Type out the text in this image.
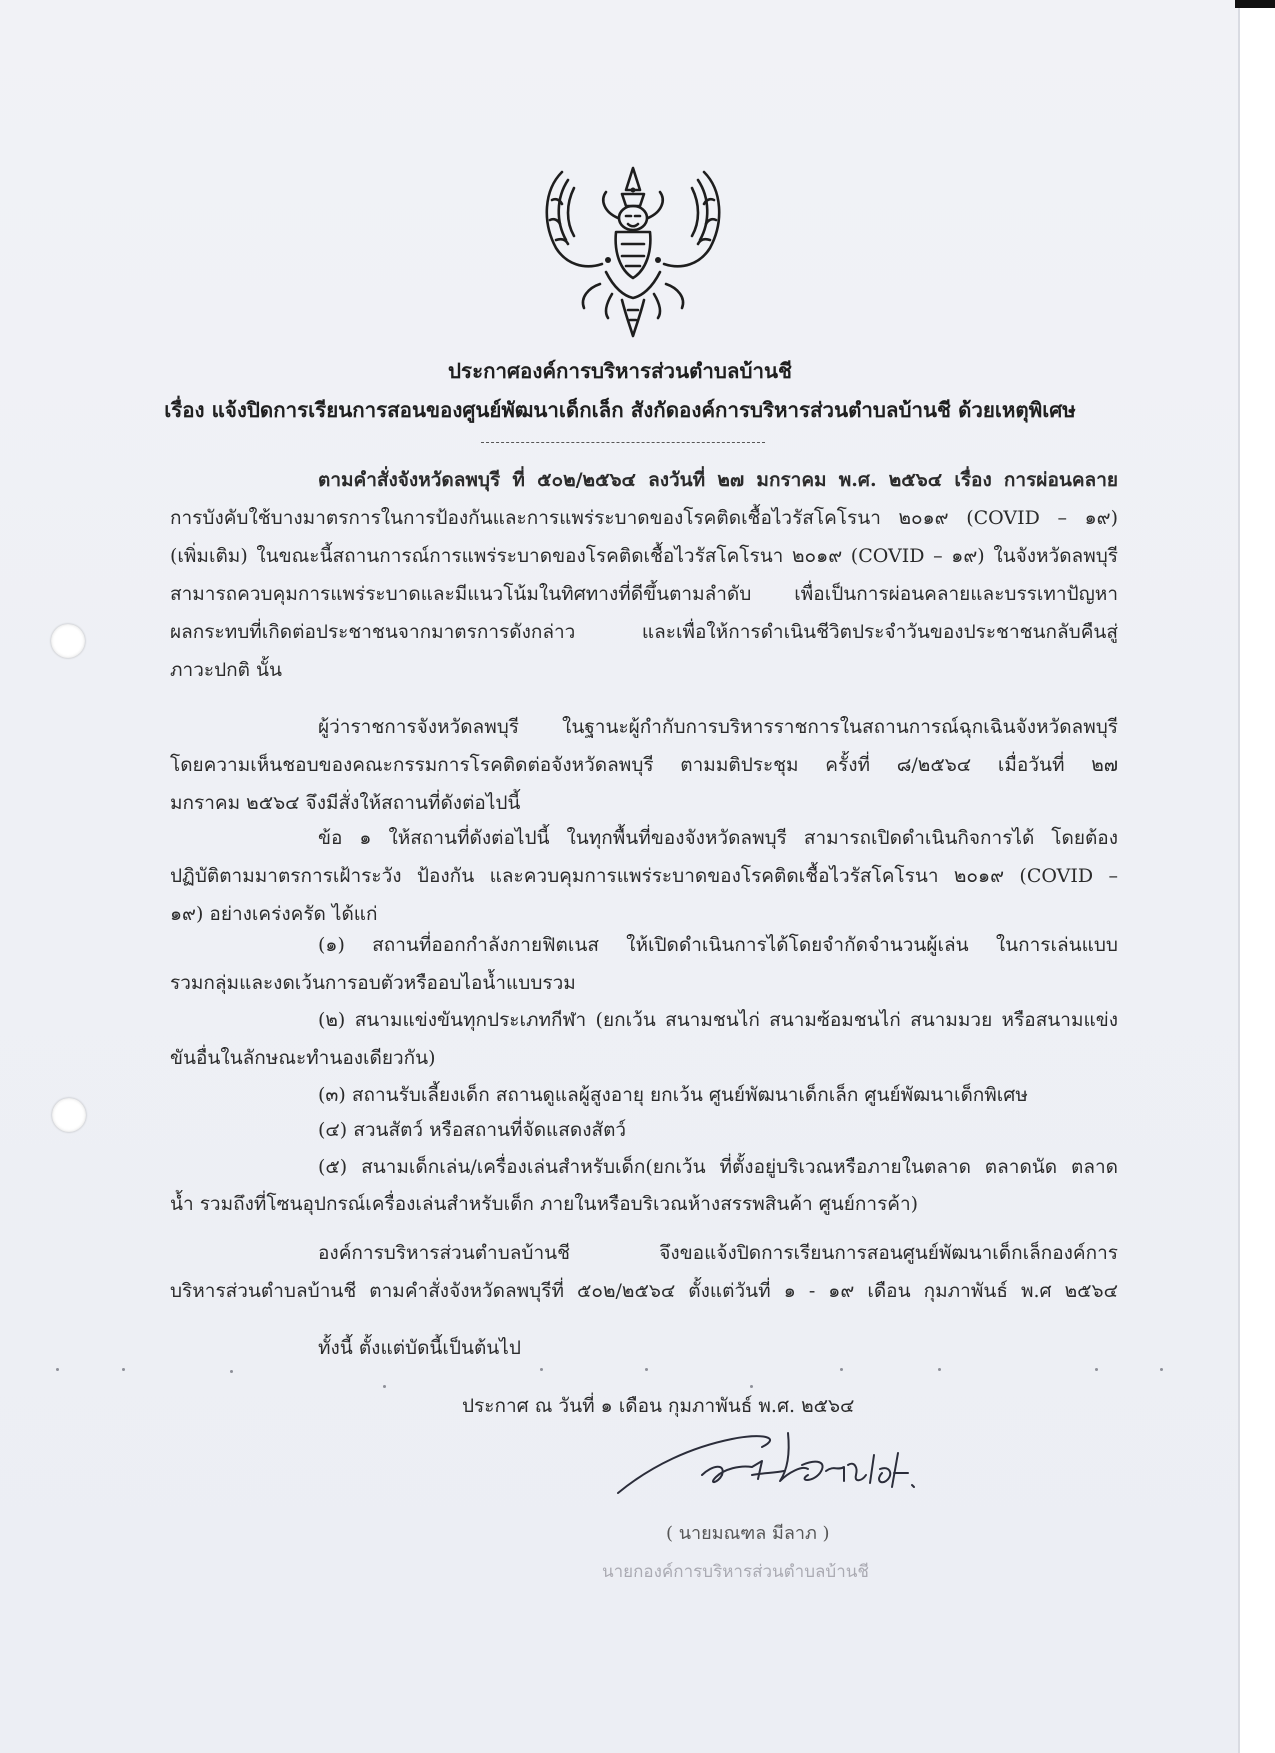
ประกาศองค์การบริหารส่วนตำบลบ้านชี
เรื่อง แจ้งปิดการเรียนการสอนของศูนย์พัฒนาเด็กเล็ก สังกัดองค์การบริหารส่วนตำบลบ้านชี ด้วยเหตุพิเศษ
ตามคำสั่งจังหวัดลพบุรี ที่ ๕๐๒/๒๕๖๔ ลงวันที่ ๒๗ มกราคม พ.ศ. ๒๕๖๔ เรื่อง การผ่อนคลาย
การบังคับใช้บางมาตรการในการป้องกันและการแพร่ระบาดของโรคติดเชื้อไวรัสโคโรนา ๒๐๑๙ (COVID – ๑๙)
(เพิ่มเติม) ในขณะนี้สถานการณ์การแพร่ระบาดของโรคติดเชื้อไวรัสโคโรนา ๒๐๑๙ (COVID – ๑๙) ในจังหวัดลพบุรี
สามารถควบคุมการแพร่ระบาดและมีแนวโน้มในทิศทางที่ดีขึ้นตามลำดับ เพื่อเป็นการผ่อนคลายและบรรเทาปัญหา
ผลกระทบที่เกิดต่อประชาชนจากมาตรการดังกล่าว และเพื่อให้การดำเนินชีวิตประจำวันของประชาชนกลับคืนสู่
ภาวะปกติ นั้น
ผู้ว่าราชการจังหวัดลพบุรี ในฐานะผู้กำกับการบริหารราชการในสถานการณ์ฉุกเฉินจังหวัดลพบุรี
โดยความเห็นชอบของคณะกรรมการโรคติดต่อจังหวัดลพบุรี ตามมติประชุม ครั้งที่ ๘/๒๕๖๔ เมื่อวันที่ ๒๗
มกราคม ๒๕๖๔ จึงมีสั่งให้สถานที่ดังต่อไปนี้
ข้อ ๑ ให้สถานที่ดังต่อไปนี้ ในทุกพื้นที่ของจังหวัดลพบุรี สามารถเปิดดำเนินกิจการได้ โดยต้อง
ปฏิบัติตามมาตรการเฝ้าระวัง ป้องกัน และควบคุมการแพร่ระบาดของโรคติดเชื้อไวรัสโคโรนา ๒๐๑๙ (COVID –
๑๙) อย่างเคร่งครัด ได้แก่
(๑) สถานที่ออกกำลังกายฟิตเนส ให้เปิดดำเนินการได้โดยจำกัดจำนวนผู้เล่น ในการเล่นแบบ
รวมกลุ่มและงดเว้นการอบตัวหรืออบไอน้ำแบบรวม
(๒) สนามแข่งขันทุกประเภทกีฬา (ยกเว้น สนามชนไก่ สนามซ้อมชนไก่ สนามมวย หรือสนามแข่ง
ขันอื่นในลักษณะทำนองเดียวกัน)
(๓) สถานรับเลี้ยงเด็ก สถานดูแลผู้สูงอายุ ยกเว้น ศูนย์พัฒนาเด็กเล็ก ศูนย์พัฒนาเด็กพิเศษ
(๔) สวนสัตว์ หรือสถานที่จัดแสดงสัตว์
(๕) สนามเด็กเล่น/เครื่องเล่นสำหรับเด็ก(ยกเว้น ที่ตั้งอยู่บริเวณหรือภายในตลาด ตลาดนัด ตลาด
น้ำ รวมถึงที่โซนอุปกรณ์เครื่องเล่นสำหรับเด็ก ภายในหรือบริเวณห้างสรรพสินค้า ศูนย์การค้า)
องค์การบริหารส่วนตำบลบ้านชี จึงขอแจ้งปิดการเรียนการสอนศูนย์พัฒนาเด็กเล็กองค์การ
บริหารส่วนตำบลบ้านชี ตามคำสั่งจังหวัดลพบุรีที่ ๕๐๒/๒๕๖๔ ตั้งแต่วันที่ ๑ - ๑๙ เดือน กุมภาพันธ์ พ.ศ ๒๕๖๔
ทั้งนี้ ตั้งแต่บัดนี้เป็นต้นไป
ประกาศ ณ วันที่ ๑ เดือน กุมภาพันธ์ พ.ศ. ๒๕๖๔
( นายมณฑล มีลาภ )
นายกองค์การบริหารส่วนตำบลบ้านชี
